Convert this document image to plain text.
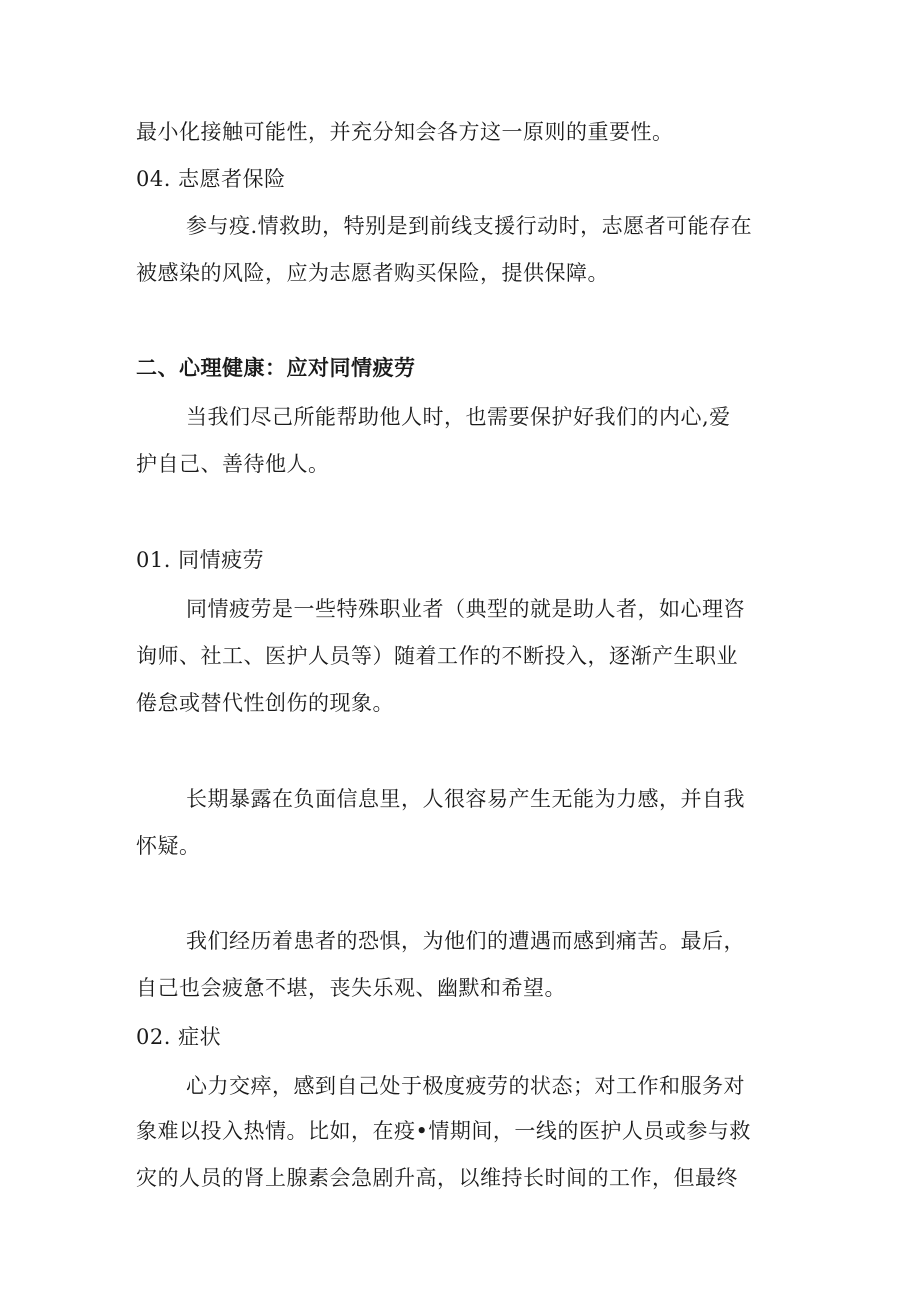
最小化接触可能性，并充分知会各方这一原则的重要性。
04. 志愿者保险
参与疫.情救助，特别是到前线支援行动时，志愿者可能存在
被感染的风险，应为志愿者购买保险，提供保障。
二、心理健康：应对同情疲劳
当我们尽己所能帮助他人时，也需要保护好我们的内心,爱
护自己、善待他人。
01. 同情疲劳
同情疲劳是一些特殊职业者（典型的就是助人者，如心理咨
询师、社工、医护人员等）随着工作的不断投入，逐渐产生职业
倦怠或替代性创伤的现象。
长期暴露在负面信息里，人很容易产生无能为力感，并自我
怀疑。
我们经历着患者的恐惧，为他们的遭遇而感到痛苦。最后，
自己也会疲惫不堪，丧失乐观、幽默和希望。
02. 症状
心力交瘁，感到自己处于极度疲劳的状态；对工作和服务对
象难以投入热情。比如，在疫•情期间，一线的医护人员或参与救
灾的人员的肾上腺素会急剧升高，以维持长时间的工作，但最终
